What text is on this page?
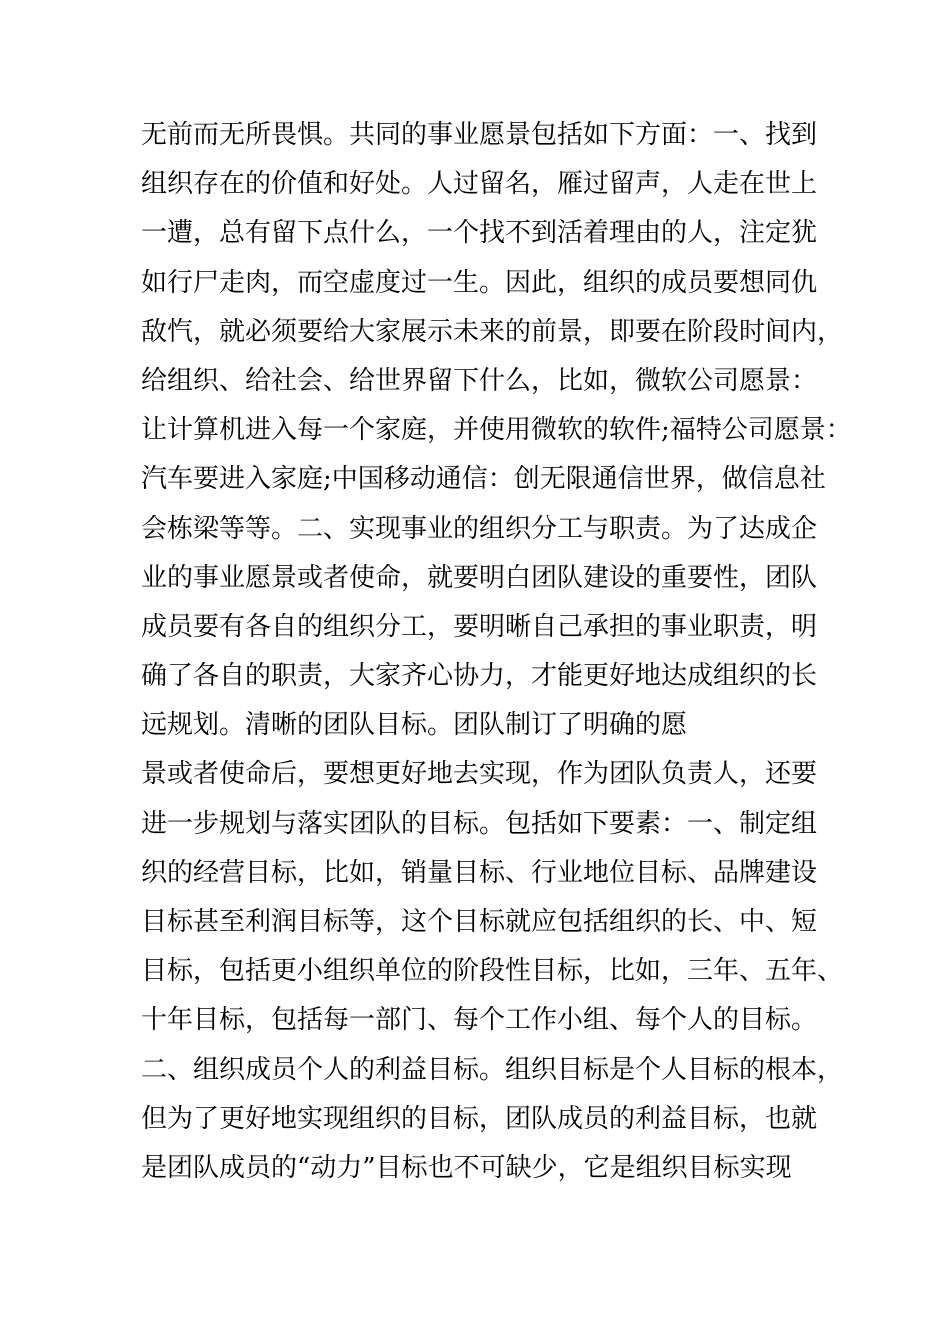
无前而无所畏惧。共同的事业愿景包括如下方面：一、找到
组织存在的价值和好处。人过留名，雁过留声，人走在世上
一遭，总有留下点什么，一个找不到活着理由的人，注定犹
如行尸走肉，而空虚度过一生。因此，组织的成员要想同仇
敌忾，就必须要给大家展示未来的前景，即要在阶段时间内，
给组织、给社会、给世界留下什么，比如，微软公司愿景：
让计算机进入每一个家庭，并使用微软的软件;福特公司愿景：
汽车要进入家庭;中国移动通信：创无限通信世界，做信息社
会栋梁等等。二、实现事业的组织分工与职责。为了达成企
业的事业愿景或者使命，就要明白团队建设的重要性，团队
成员要有各自的组织分工，要明晰自己承担的事业职责，明
确了各自的职责，大家齐心协力，才能更好地达成组织的长
远规划。清晰的团队目标。团队制订了明确的愿
景或者使命后，要想更好地去实现，作为团队负责人，还要
进一步规划与落实团队的目标。包括如下要素：一、制定组
织的经营目标，比如，销量目标、行业地位目标、品牌建设
目标甚至利润目标等，这个目标就应包括组织的长、中、短
目标，包括更小组织单位的阶段性目标，比如，三年、五年、
十年目标，包括每一部门、每个工作小组、每个人的目标。
二、组织成员个人的利益目标。组织目标是个人目标的根本，
但为了更好地实现组织的目标，团队成员的利益目标，也就
是团队成员的“动力”目标也不可缺少，它是组织目标实现
